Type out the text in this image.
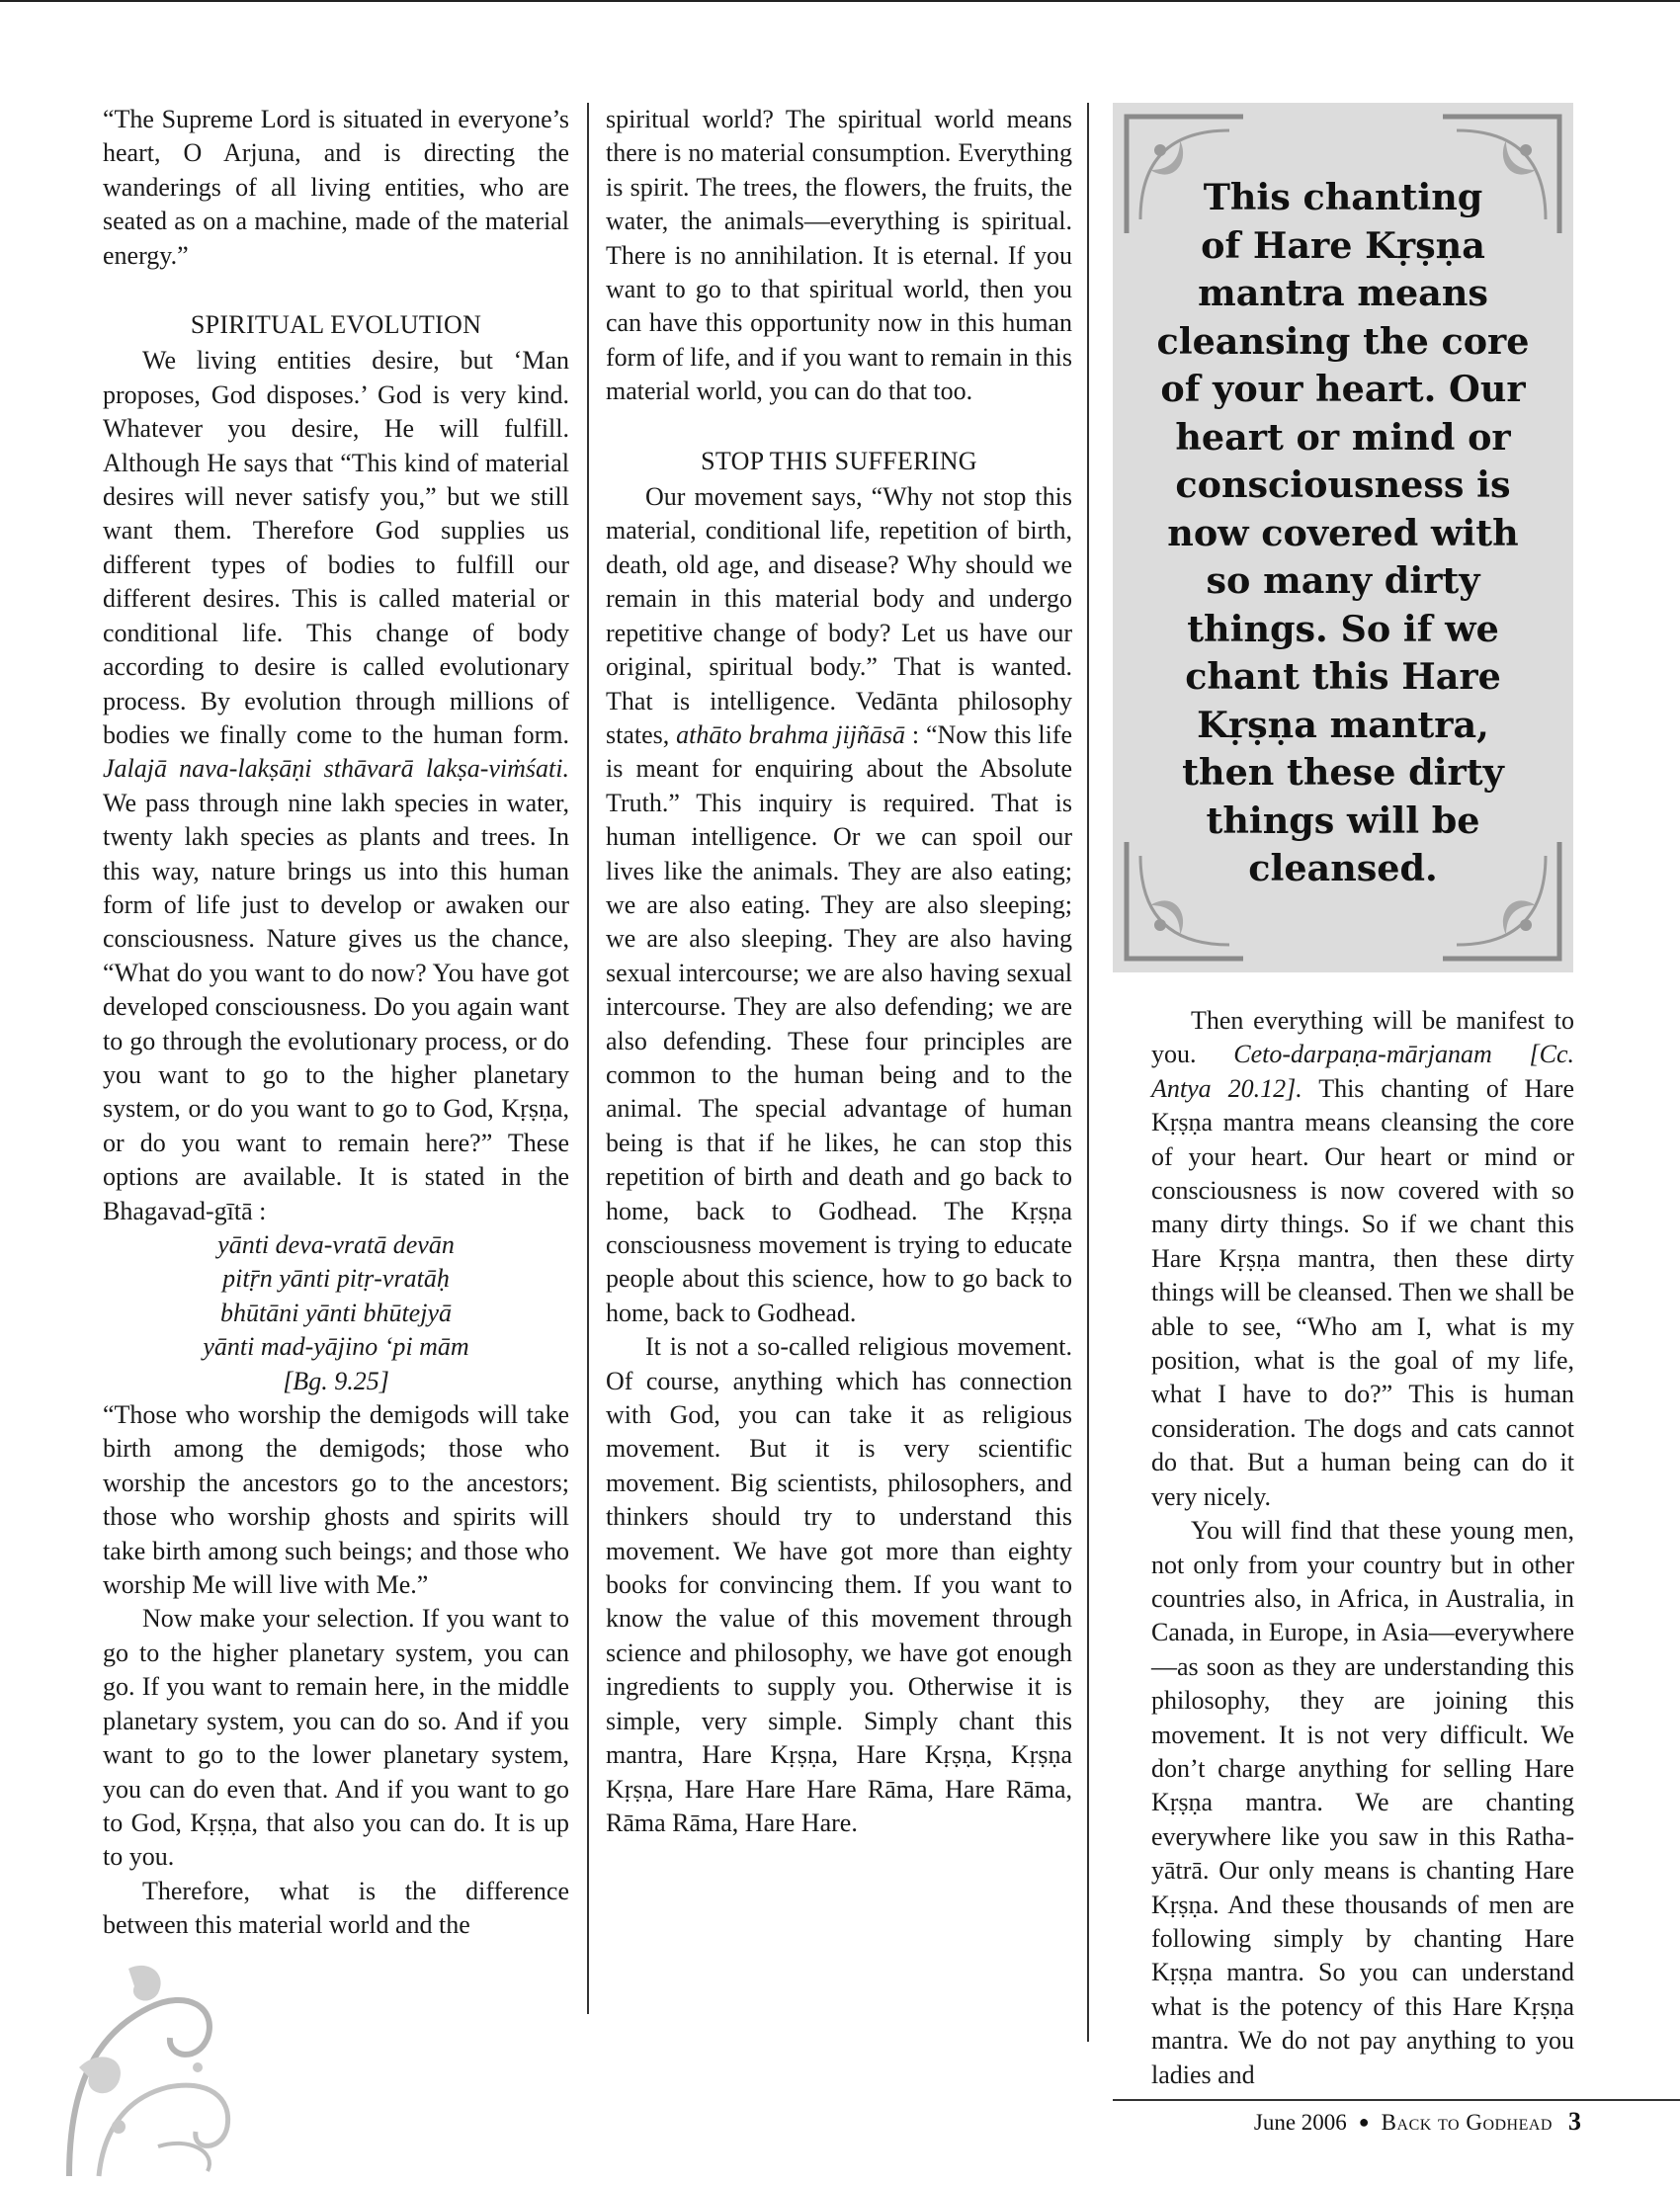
“The Supreme Lord is situated in everyone’s heart, O Arjuna, and is directing the wanderings of all living entities, who are seated as on a machine, made of the material energy.”

SPIRITUAL EVOLUTION

We living entities desire, but ‘Man proposes, God disposes.’ God is very kind. Whatever you desire, He will fulfill. Although He says that “This kind of material desires will never satisfy you,” but we still want them. Therefore God supplies us different types of bodies to fulfill our different desires. This is called material or conditional life. This change of body according to desire is called evolutionary process. By evolution through millions of bodies we finally come to the human form. Jalajā nava-lakṣāṇi sthāvarā lakṣa-viṁśati. We pass through nine lakh species in water, twenty lakh species as plants and trees. In this way, nature brings us into this human form of life just to develop or awaken our consciousness. Nature gives us the chance, “What do you want to do now? You have got developed consciousness. Do you again want to go through the evolutionary process, or do you want to go to the higher planetary system, or do you want to go to God, Kṛṣṇa, or do you want to remain here?” These options are available. It is stated in the Bhagavad-gītā :

yānti deva-vratā devān
pitṝn yānti pitṛ-vratāḥ
bhūtāni yānti bhūtejyā
yānti mad-yājino ‘pi mām
[Bg. 9.25]

“Those who worship the demigods will take birth among the demigods; those who worship the ancestors go to the ancestors; those who worship ghosts and spirits will take birth among such beings; and those who worship Me will live with Me.”

Now make your selection. If you want to go to the higher planetary system, you can go. If you want to remain here, in the middle planetary system, you can do so. And if you want to go to the lower planetary system, you can do even that. And if you want to go to God, Kṛṣṇa, that also you can do. It is up to you.

Therefore, what is the difference between this material world and the

spiritual world? The spiritual world means there is no material consumption. Everything is spirit. The trees, the flowers, the fruits, the water, the animals—everything is spiritual. There is no annihilation. It is eternal. If you want to go to that spiritual world, then you can have this opportunity now in this human form of life, and if you want to remain in this material world, you can do that too.

STOP THIS SUFFERING

Our movement says, “Why not stop this material, conditional life, repetition of birth, death, old age, and disease? Why should we remain in this material body and undergo repetitive change of body? Let us have our original, spiritual body.” That is wanted. That is intelligence. Vedānta philosophy states, athāto brahma jijñāsā : “Now this life is meant for enquiring about the Absolute Truth.” This inquiry is required. That is human intelligence. Or we can spoil our lives like the animals. They are also eating; we are also eating. They are also sleeping; we are also sleeping. They are also having sexual intercourse; we are also having sexual intercourse. They are also defending; we are also defending. These four principles are common to the human being and to the animal. The special advantage of human being is that if he likes, he can stop this repetition of birth and death and go back to home, back to Godhead. The Kṛṣṇa consciousness movement is trying to educate people about this science, how to go back to home, back to Godhead.

It is not a so-called religious movement. Of course, anything which has connection with God, you can take it as religious movement. But it is very scientific movement. Big scientists, philosophers, and thinkers should try to understand this movement. We have got more than eighty books for convincing them. If you want to know the value of this movement through science and philosophy, we have got enough ingredients to supply you. Otherwise it is simple, very simple. Simply chant this mantra, Hare Kṛṣṇa, Hare Kṛṣṇa, Kṛṣṇa Kṛṣṇa, Hare Hare Hare Rāma, Hare Rāma, Rāma Rāma, Hare Hare.

This chanting
of Hare Kṛṣṇa
mantra means
cleansing the core
of your heart. Our
heart or mind or
consciousness is
now covered with
so many dirty
things. So if we
chant this Hare
Kṛṣṇa mantra,
then these dirty
things will be
cleansed.

Then everything will be manifest to you. Ceto-darpaṇa-mārjanam [Cc. Antya 20.12]. This chanting of Hare Kṛṣṇa mantra means cleansing the core of your heart. Our heart or mind or consciousness is now covered with so many dirty things. So if we chant this Hare Kṛṣṇa mantra, then these dirty things will be cleansed. Then we shall be able to see, “Who am I, what is my position, what is the goal of my life, what I have to do?” This is human consideration. The dogs and cats cannot do that. But a human being can do it very nicely.

You will find that these young men, not only from your country but in other countries also, in Africa, in Australia, in Canada, in Europe, in Asia—everywhere—as soon as they are understanding this philosophy, they are joining this movement. It is not very difficult. We don’t charge anything for selling Hare Kṛṣṇa mantra. We are chanting everywhere like you saw in this Ratha-yātrā. Our only means is chanting Hare Kṛṣṇa. And these thousands of men are following simply by chanting Hare Kṛṣṇa mantra. So you can understand what is the potency of this Hare Kṛṣṇa mantra. We do not pay anything to you ladies and

June 2006 ● Back to Godhead 3
